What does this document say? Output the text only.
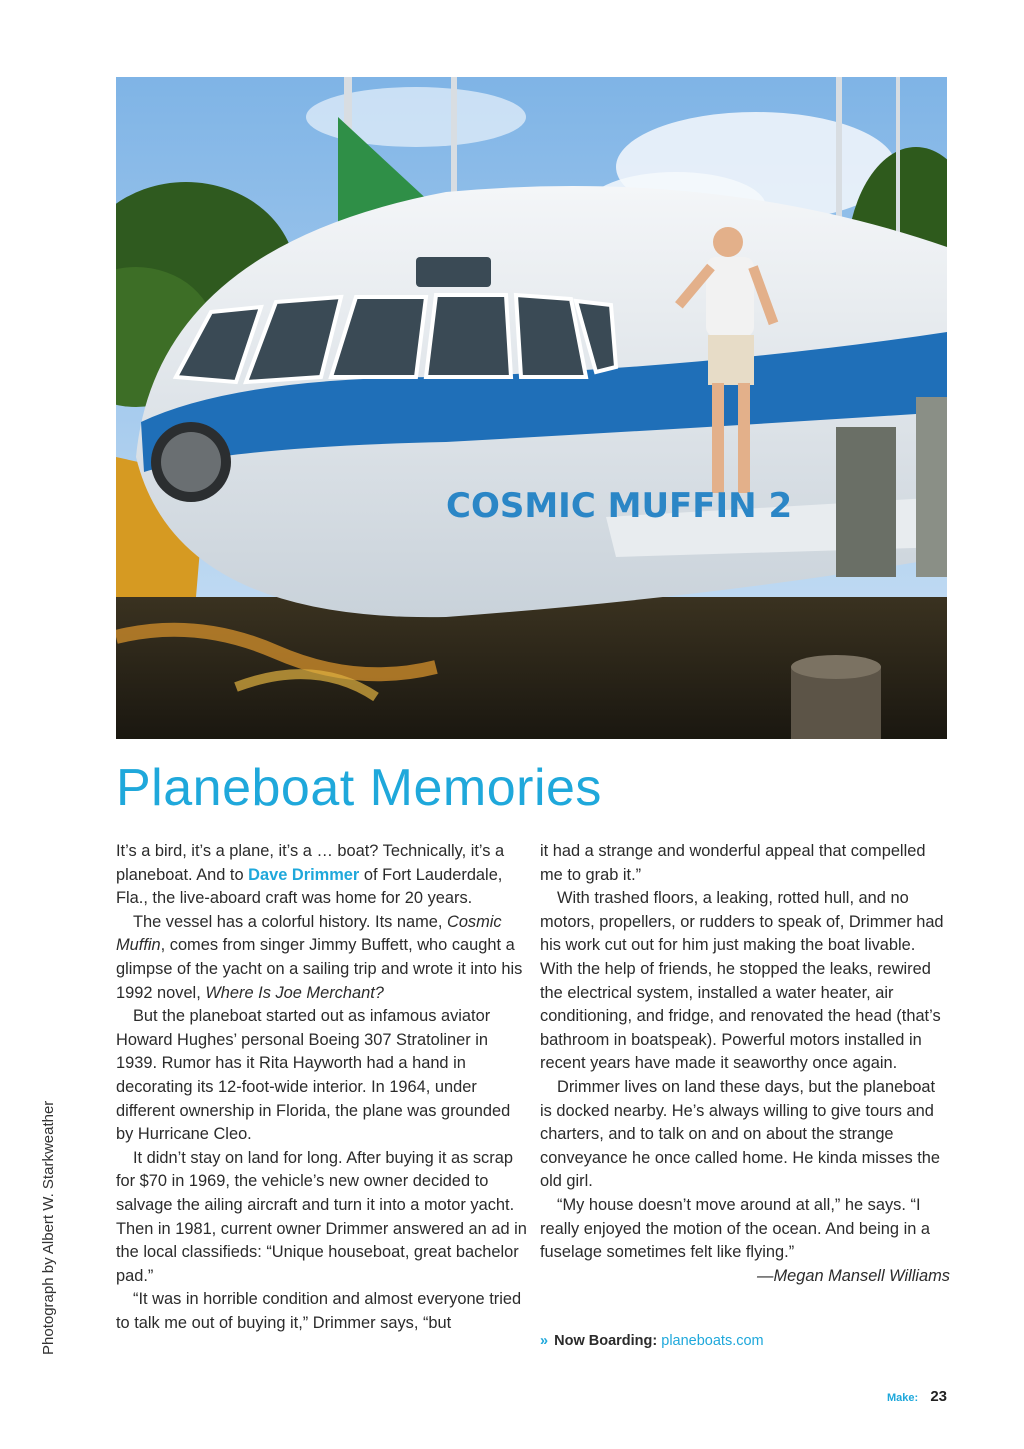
COSMIC MUFFIN 2
Photograph by Albert W. Starkweather
Planeboat Memories

It’s a bird, it’s a plane, it’s a … boat? Technically, it’s a planeboat. And to Dave Drimmer of Fort Lauderdale, Fla., the live-aboard craft was home for 20 years.

The vessel has a colorful history. Its name, Cosmic Muffin, comes from singer Jimmy Buffett, who caught a glimpse of the yacht on a sailing trip and wrote it into his 1992 novel, Where Is Joe Merchant?

But the planeboat started out as infamous aviator Howard Hughes’ personal Boeing 307 Stratoliner in 1939. Rumor has it Rita Hayworth had a hand in decorating its 12-foot-wide interior. In 1964, under different ownership in Florida, the plane was grounded by Hurricane Cleo.

It didn’t stay on land for long. After buying it as scrap for $70 in 1969, the vehicle’s new owner decided to salvage the ailing aircraft and turn it into a motor yacht. Then in 1981, current owner Drimmer answered an ad in the local classifieds: “Unique houseboat, great bachelor pad.”

“It was in horrible condition and almost everyone tried to talk me out of buying it,” Drimmer says, “but

it had a strange and wonderful appeal that compelled me to grab it.”

With trashed floors, a leaking, rotted hull, and no motors, propellers, or rudders to speak of, Drimmer had his work cut out for him just making the boat livable. With the help of friends, he stopped the leaks, rewired the electrical system, installed a water heater, air conditioning, and fridge, and renovated the head (that’s bathroom in boatspeak). Powerful motors installed in recent years have made it seaworthy once again.

Drimmer lives on land these days, but the planeboat is docked nearby. He’s always willing to give tours and charters, and to talk on and on about the strange conveyance he once called home. He kinda misses the old girl.

“My house doesn’t move around at all,” he says. “I really enjoyed the motion of the ocean. And being in a fuselage sometimes felt like flying.”

—Megan Mansell Williams

» Now Boarding: planeboats.com
Make: 23
